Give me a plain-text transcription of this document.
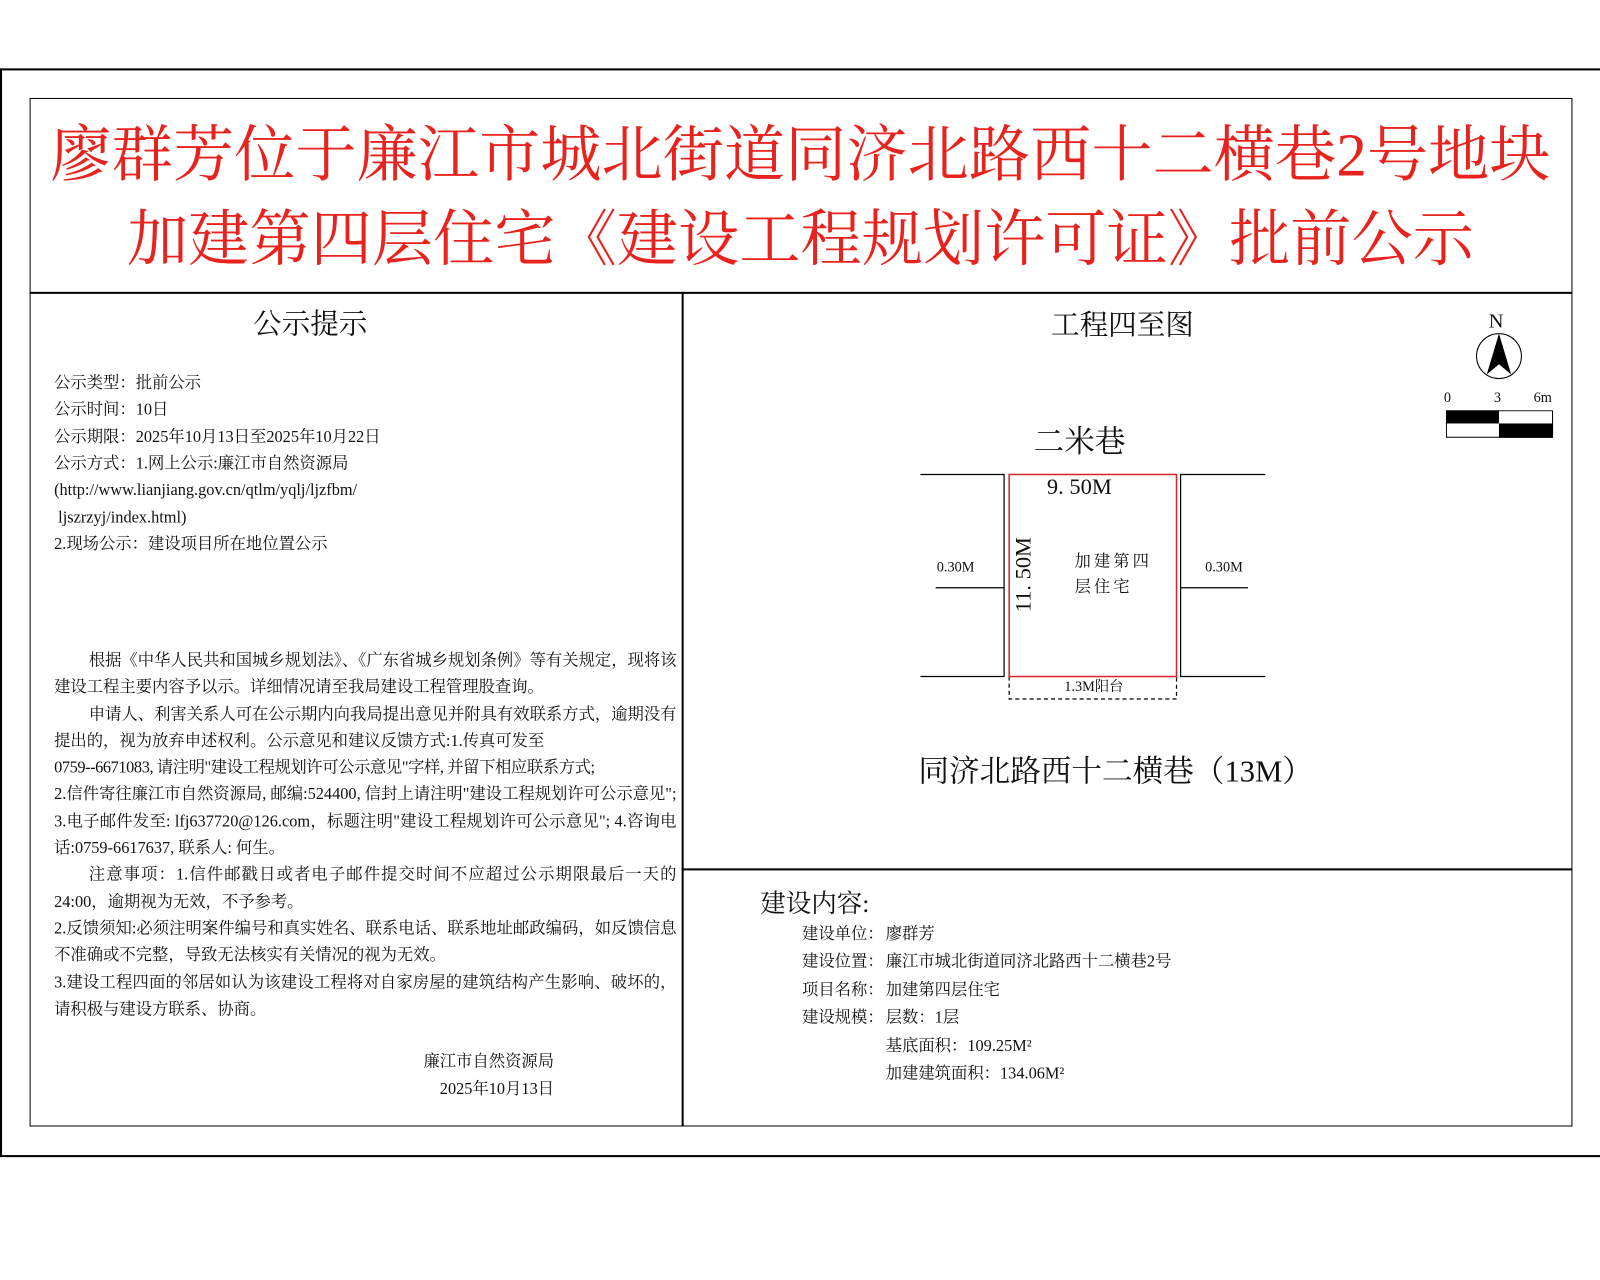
廖群芳位于廉江市城北街道同济北路西十二横巷2号地块
加建第四层住宅《建设工程规划许可证》批前公示
公示提示
公示类型：批前公示
公示时间：10日
公示期限：2025年10月13日至2025年10月22日
公示方式：1.网上公示:廉江市自然资源局
(http://www.lianjiang.gov.cn/qtlm/yqlj/ljzfbm/
ljszrzyj/index.html)
2.现场公示：建设项目所在地位置公示

根据《中华人民共和国城乡规划法》、《广东省城乡规划条例》等有关规定，现将该建设工程主要内容予以示。详细情况请至我局建设工程管理股查询。

申请人、利害关系人可在公示期内向我局提出意见并附具有效联系方式，逾期没有提出的，视为放弃申述权利。公示意见和建议反馈方式:1.传真可发至

0759--6671083, 请注明"建设工程规划许可公示意见"字样, 并留下相应联系方式;

2.信件寄往廉江市自然资源局, 邮编:524400, 信封上请注明"建设工程规划许可公示意见"; 3.电子邮件发至: lfj637720@126.com，标题注明"建设工程规划许可公示意见"; 4.咨询电话:0759-6617637, 联系人: 何生。

注意事项：1.信件邮戳日或者电子邮件提交时间不应超过公示期限最后一天的24:00，逾期视为无效，不予参考。

2.反馈须知:必须注明案件编号和真实姓名、联系电话、联系地址邮政编码，如反馈信息不准确或不完整，导致无法核实有关情况的视为无效。

3.建设工程四面的邻居如认为该建设工程将对自家房屋的建筑结构产生影响、破坏的，请积极与建设方联系、协商。

廉江市自然资源局
2025年10月13日
工程四至图	N
0	3 6m
二米巷
9. 50M
11. 50M
0.30M	0.30M
1.3M阳台
加建第四
层住宅
同济北路西十二横巷（13M）
建设内容:
建设单位： 廖群芳
建设位置： 廉江市城北街道同济北路西十二横巷2号
项目名称： 加建第四层住宅
建设规模： 层数：1层
基底面积：109.25M²
加建建筑面积：134.06M²
